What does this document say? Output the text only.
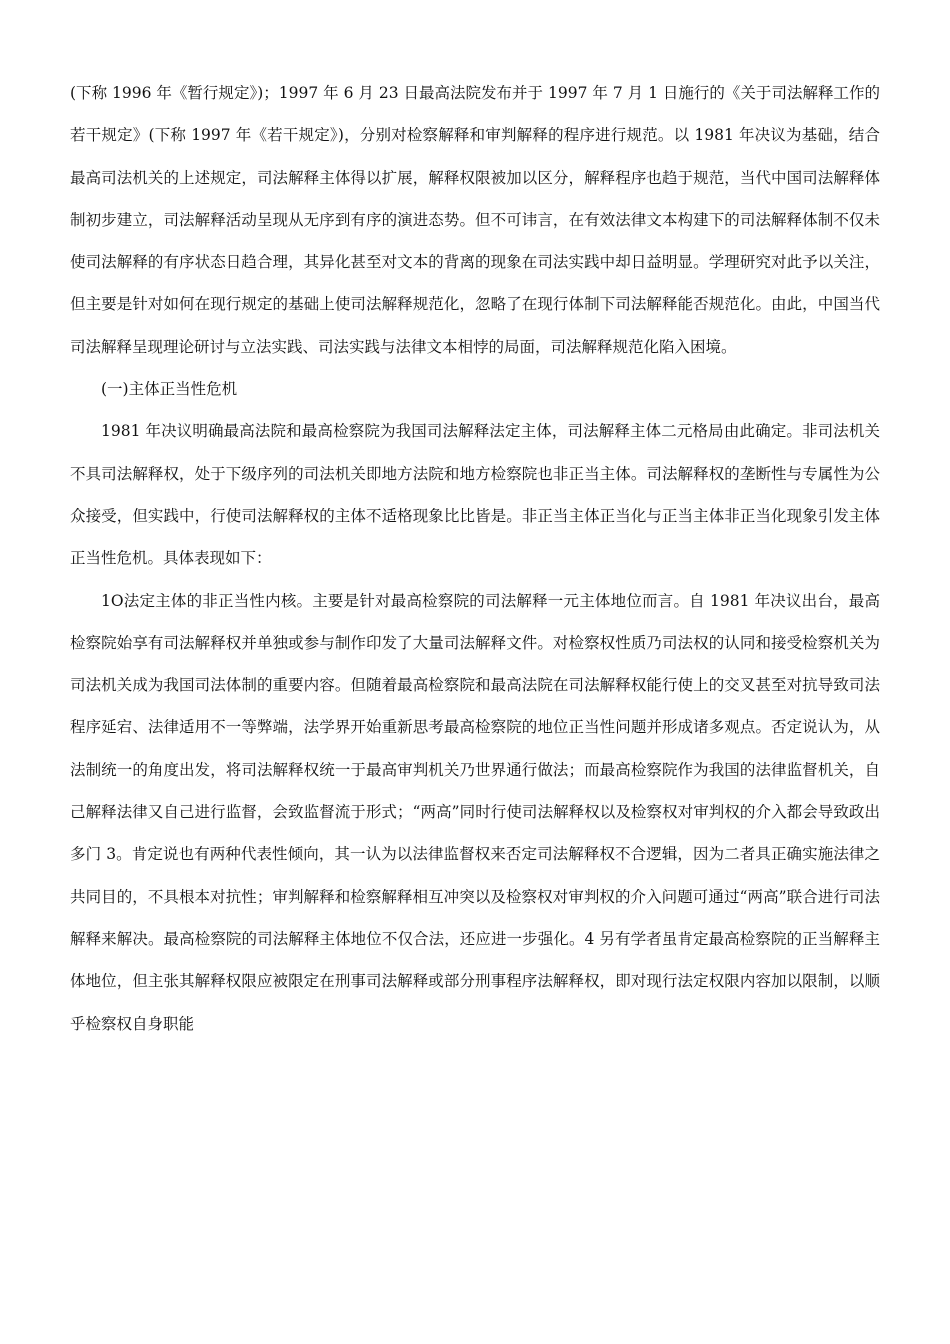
(下称 1996 年《暂行规定》)；1997 年 6 月 23 日最高法院发布并于 1997 年 7 月 1 日施行的《关于司法解释工作的若干规定》(下称 1997 年《若干规定》)，分别对检察解释和审判解释的程序进行规范。以 1981 年决议为基础，结合最高司法机关的上述规定，司法解释主体得以扩展，解释权限被加以区分，解释程序也趋于规范，当代中国司法解释体制初步建立，司法解释活动呈现从无序到有序的演进态势。但不可讳言，在有效法律文本构建下的司法解释体制不仅未使司法解释的有序状态日趋合理，其异化甚至对文本的背离的现象在司法实践中却日益明显。学理研究对此予以关注，但主要是针对如何在现行规定的基础上使司法解释规范化，忽略了在现行体制下司法解释能否规范化。由此，中国当代司法解释呈现理论研讨与立法实践、司法实践与法律文本相悖的局面，司法解释规范化陷入困境。

(一)主体正当性危机

1981 年决议明确最高法院和最高检察院为我国司法解释法定主体，司法解释主体二元格局由此确定。非司法机关不具司法解释权，处于下级序列的司法机关即地方法院和地方检察院也非正当主体。司法解释权的垄断性与专属性为公众接受，但实践中，行使司法解释权的主体不适格现象比比皆是。非正当主体正当化与正当主体非正当化现象引发主体正当性危机。具体表现如下：

1O法定主体的非正当性内核。主要是针对最高检察院的司法解释一元主体地位而言。自 1981 年决议出台，最高检察院始享有司法解释权并单独或参与制作印发了大量司法解释文件。对检察权性质乃司法权的认同和接受检察机关为司法机关成为我国司法体制的重要内容。但随着最高检察院和最高法院在司法解释权能行使上的交叉甚至对抗导致司法程序延宕、法律适用不一等弊端，法学界开始重新思考最高检察院的地位正当性问题并形成诸多观点。否定说认为，从法制统一的角度出发，将司法解释权统一于最高审判机关乃世界通行做法；而最高检察院作为我国的法律监督机关，自己解释法律又自己进行监督，会致监督流于形式；“两高”同时行使司法解释权以及检察权对审判权的介入都会导致政出多门 3。肯定说也有两种代表性倾向，其一认为以法律监督权来否定司法解释权不合逻辑，因为二者具正确实施法律之共同目的，不具根本对抗性；审判解释和检察解释相互冲突以及检察权对审判权的介入问题可通过“两高”联合进行司法解释来解决。最高检察院的司法解释主体地位不仅合法，还应进一步强化。4 另有学者虽肯定最高检察院的正当解释主体地位，但主张其解释权限应被限定在刑事司法解释或部分刑事程序法解释权，即对现行法定权限内容加以限制，以顺乎检察权自身职能
